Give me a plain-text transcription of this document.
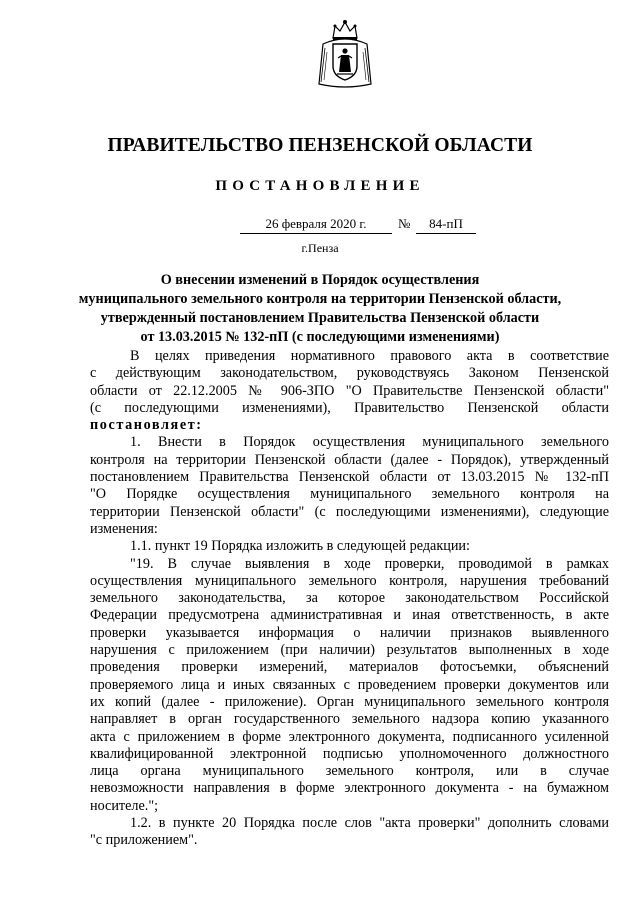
ПРАВИТЕЛЬСТВО ПЕНЗЕНСКОЙ ОБЛАСТИ
ПОСТАНОВЛЕНИЕ
26 февраля 2020 г.	№	84-пП
г.Пенза
О внесении изменений в Порядок осуществления
муниципального земельного контроля на территории Пензенской области,
утвержденный постановлением Правительства Пензенской области
от 13.03.2015 № 132-пП (с последующими изменениями)
В целях приведения нормативного правового акта в соответствие
с действующим законодательством, руководствуясь Законом Пензенской
области от 22.12.2005 № 906-ЗПО "О Правительстве Пензенской области"
(с последующими изменениями), Правительство Пензенской области
постановляет:
1. Внести в Порядок осуществления муниципального земельного
контроля на территории Пензенской области (далее - Порядок), утвержденный
постановлением Правительства Пензенской области от 13.03.2015 № 132-пП
"О Порядке осуществления муниципального земельного контроля на
территории Пензенской области" (с последующими изменениями), следующие
изменения:
1.1. пункт 19 Порядка изложить в следующей редакции:
"19. В случае выявления в ходе проверки, проводимой в рамках
осуществления муниципального земельного контроля, нарушения требований
земельного законодательства, за которое законодательством Российской
Федерации предусмотрена административная и иная ответственность, в акте
проверки указывается информация о наличии признаков выявленного
нарушения с приложением (при наличии) результатов выполненных в ходе
проведения проверки измерений, материалов фотосъемки, объяснений
проверяемого лица и иных связанных с проведением проверки документов или
их копий (далее - приложение). Орган муниципального земельного контроля
направляет в орган государственного земельного надзора копию указанного
акта с приложением в форме электронного документа, подписанного усиленной
квалифицированной электронной подписью уполномоченного должностного
лица органа муниципального земельного контроля, или в случае
невозможности направления в форме электронного документа - на бумажном
носителе.";
1.2. в пункте 20 Порядка после слов "акта проверки" дополнить словами
"с приложением".
